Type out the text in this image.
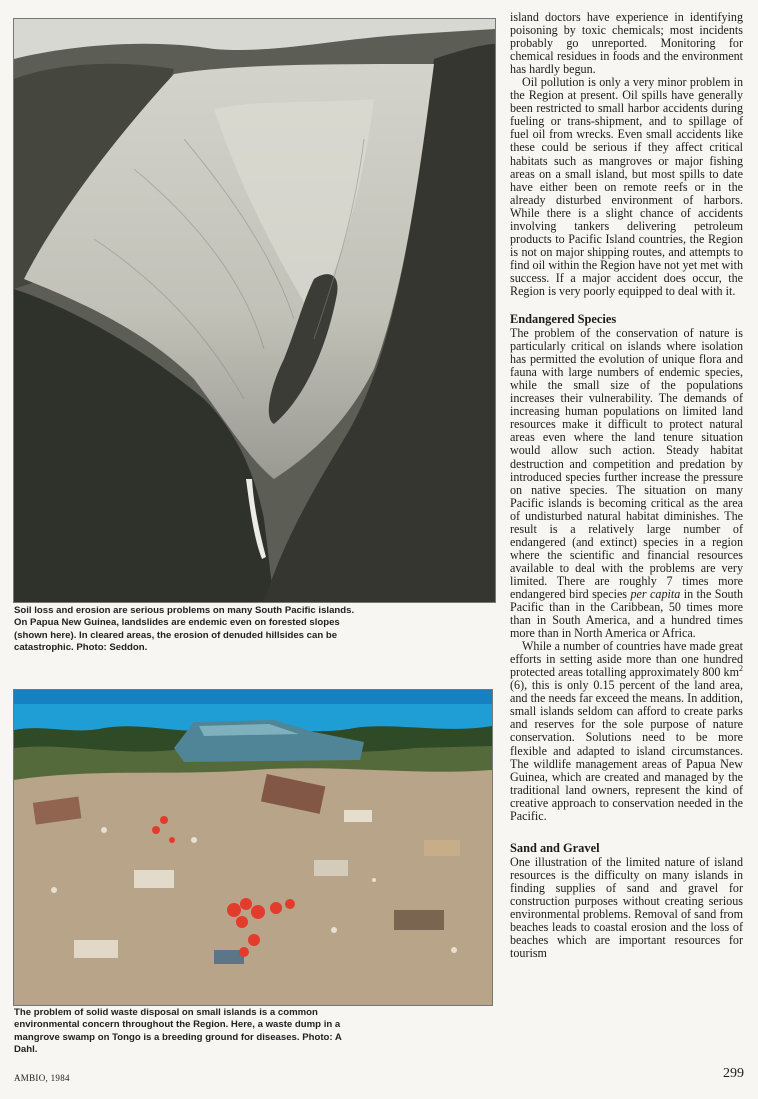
Soil loss and erosion are serious problems on many South Pacific islands. On Papua New Guinea, landslides are endemic even on forested slopes (shown here). In cleared areas, the erosion of denuded hillsides can be catastrophic. Photo: Seddon.

The problem of solid waste disposal on small islands is a common environmental concern throughout the Region. Here, a waste dump in a mangrove swamp on Tongo is a breeding ground for diseases. Photo: A Dahl.

island doctors have experience in identifying poisoning by toxic chemicals; most incidents probably go unreported. Monitoring for chemical residues in foods and the environment has hardly begun.

Oil pollution is only a very minor problem in the Region at present. Oil spills have generally been restricted to small harbor accidents during fueling or trans-shipment, and to spillage of fuel oil from wrecks. Even small accidents like these could be serious if they affect critical habitats such as mangroves or major fishing areas on a small island, but most spills to date have either been on remote reefs or in the already disturbed environment of harbors. While there is a slight chance of accidents involving tankers delivering petroleum products to Pacific Island countries, the Region is not on major shipping routes, and attempts to find oil within the Region have not yet met with success. If a major accident does occur, the Region is very poorly equipped to deal with it.

Endangered Species

The problem of the conservation of nature is particularly critical on islands where isolation has permitted the evolution of unique flora and fauna with large numbers of endemic species, while the small size of the populations increases their vulnerability. The demands of increasing human populations on limited land resources make it difficult to protect natural areas even where the land tenure situation would allow such action. Steady habitat destruction and competition and predation by introduced species further increase the pressure on native species. The situation on many Pacific islands is becoming critical as the area of undisturbed natural habitat diminishes. The result is a relatively large number of endangered (and extinct) species in a region where the scientific and financial resources available to deal with the problems are very limited. There are roughly 7 times more endangered bird species per capita in the South Pacific than in the Caribbean, 50 times more than in South America, and a hundred times more than in North America or Africa.

While a number of countries have made great efforts in setting aside more than one hundred protected areas totalling approximately 800 $km^2$ (6), this is only 0.15 percent of the land area, and the needs far exceed the means. In addition, small islands seldom can afford to create parks and reserves for the sole purpose of nature conservation. Solutions need to be more flexible and adapted to island circumstances. The wildlife management areas of Papua New Guinea, which are created and managed by the traditional land owners, represent the kind of creative approach to conservation needed in the Pacific.

Sand and Gravel

One illustration of the limited nature of island resources is the difficulty on many islands in finding supplies of sand and gravel for construction purposes without creating serious environmental problems. Removal of sand from beaches leads to coastal erosion and the loss of beaches which are important resources for tourism

AMBIO, 1984	299
